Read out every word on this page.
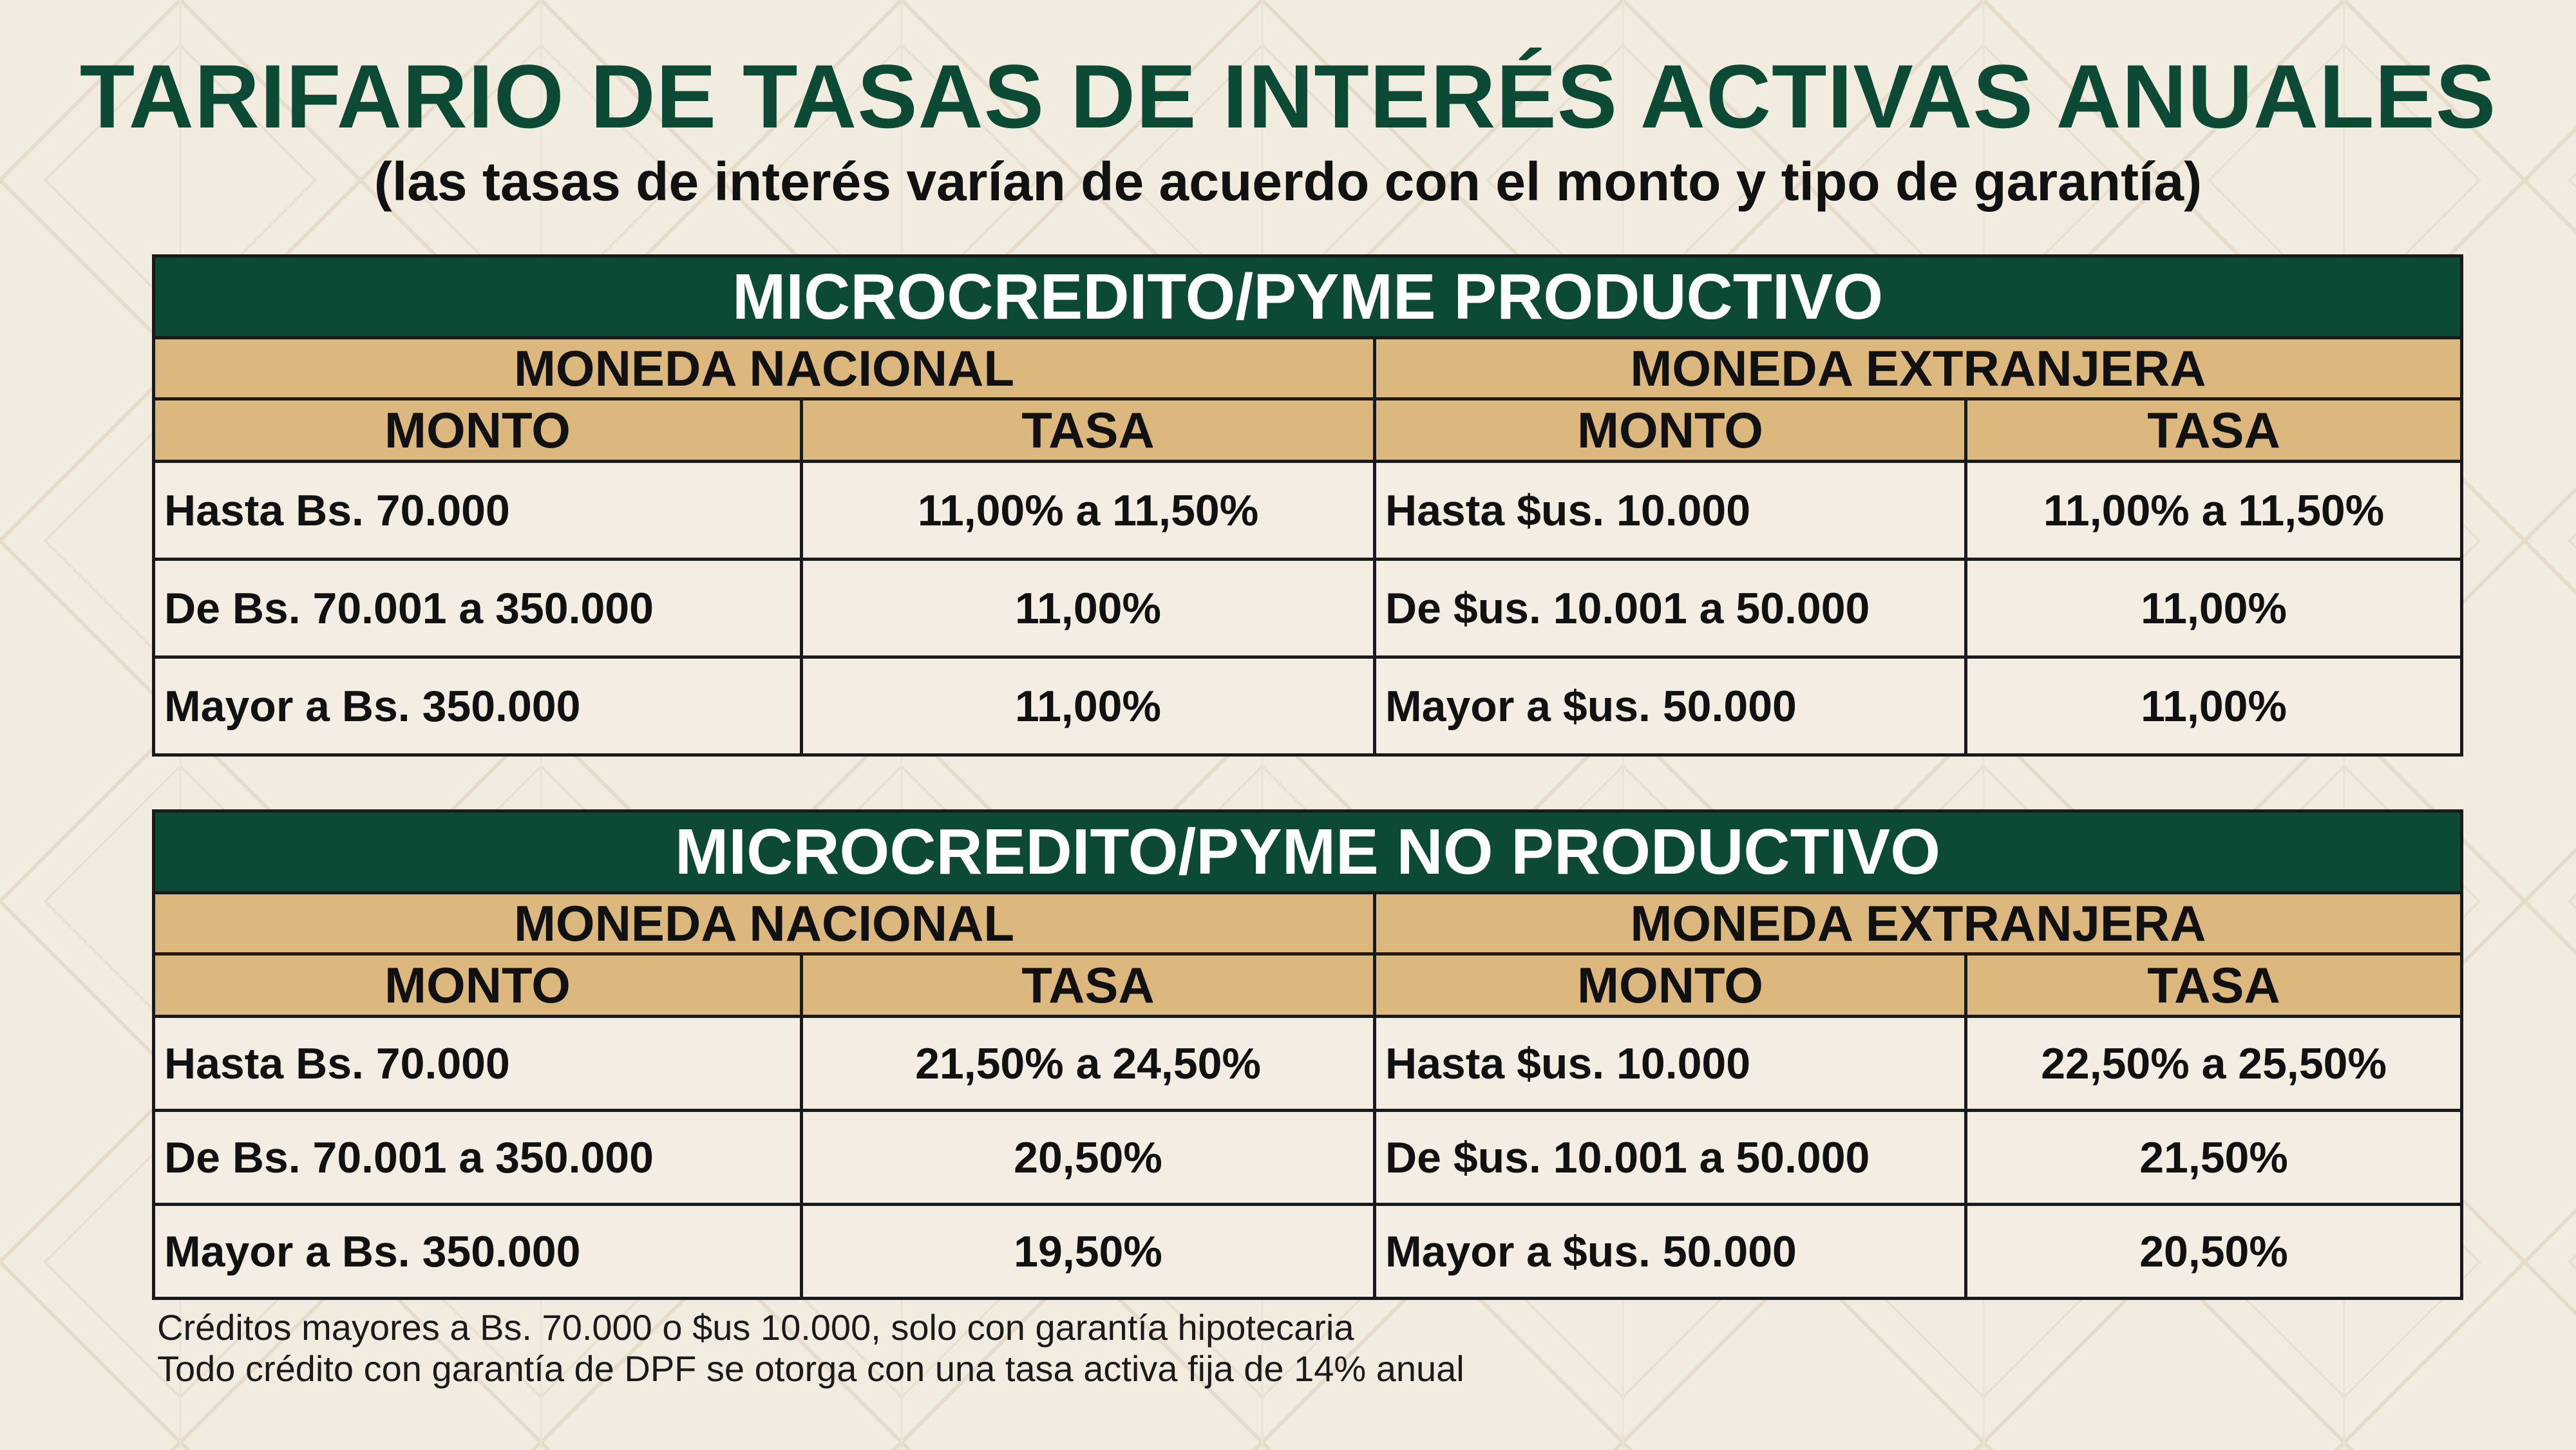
TARIFARIO DE TASAS DE INTERÉS ACTIVAS ANUALES
(las tasas de interés varían de acuerdo con el monto y tipo de garantía)
MICROCREDITO/PYME PRODUCTIVO			
MONEDA NACIONAL		MONEDA EXTRANJERA	
MONTO	TASA	MONTO	TASA
Hasta Bs. 70.000	11,00% a 11,50%	Hasta $us. 10.000	11,00% a 11,50%
De Bs. 70.001 a 350.000	11,00%	De $us. 10.001 a 50.000	11,00%
Mayor a Bs. 350.000	11,00%	Mayor a $us. 50.000	11,00%
MICROCREDITO/PYME NO PRODUCTIVO			
MONEDA NACIONAL		MONEDA EXTRANJERA	
MONTO	TASA	MONTO	TASA
Hasta Bs. 70.000	21,50% a 24,50%	Hasta $us. 10.000	22,50% a 25,50%
De Bs. 70.001 a 350.000	20,50%	De $us. 10.001 a 50.000	21,50%
Mayor a Bs. 350.000	19,50%	Mayor a $us. 50.000	20,50%
Créditos mayores a Bs. 70.000 o $us 10.000, solo con garantía hipotecaria
Todo crédito con garantía de DPF se otorga con una tasa activa fija de 14% anual
